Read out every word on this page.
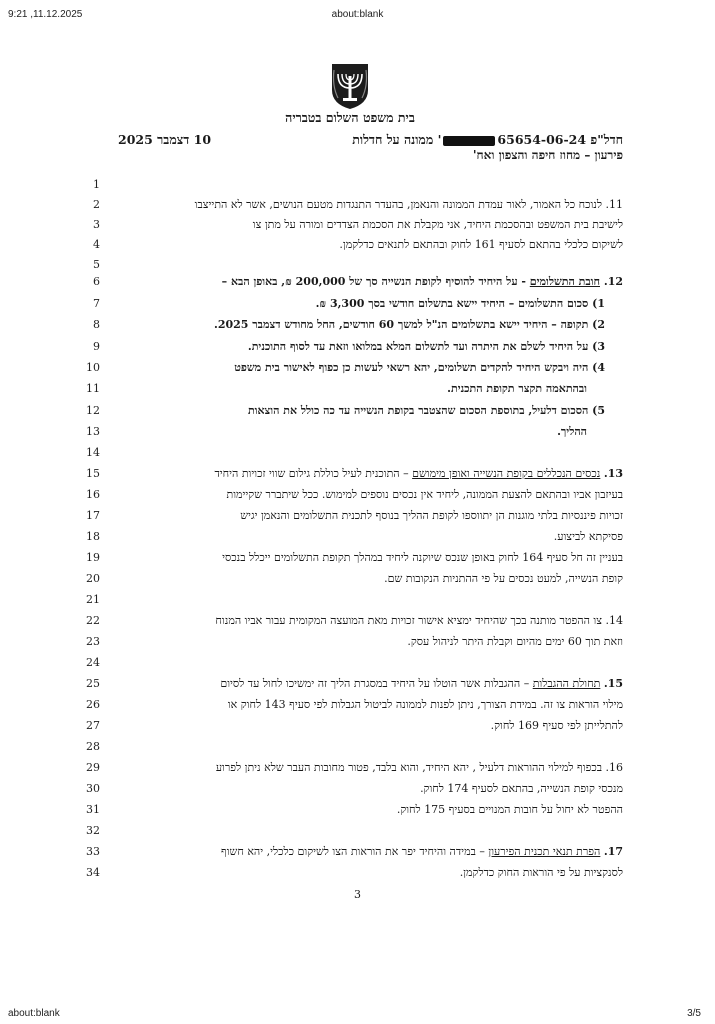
9:21 ,11.12.2025	about:blank
בית משפט השלום בטבריה
10 דצמבר 2025	חדל"פ 65654-06-24' ממונה על חדלות
פירעון – מחוז חיפה והצפון ואח'
1
2
3
4
5
6
7
8
9
10
11
12
13
14
15
16
17
18
19
20
21
22
23
24
25
26
27
28
29
30
31
32
33
34
11. לנוכח כל האמור, לאור עמדת הממונה והנאמן, בהעדר התנגדות מטעם הנושים, אשר לא התייצבו
לישיבת בית המשפט ובהסכמת היחיד, אני מקבלת את הסכמת הצדדים ומורה על מתן צו
לשיקום כלכלי בהתאם לסעיף 161 לחוק ובהתאם לתנאים כדלקמן.
12. חובת התשלומים - על היחיד להוסיף לקופת הנשייה סך של 200,000 ₪, באופן הבא –
1) סכום התשלומים – היחיד יישא בתשלום חודשי בסך 3,300 ₪.
2) תקופה – היחיד יישא בתשלומים הנ"ל למשך 60 חודשים, החל מחודש דצמבר 2025.
3) על היחיד לשלם את היתרה ועד לתשלום המלא במלואו וזאת עד לסוף התוכנית.
4) היה ויבקש היחיד להקדים תשלומים, יהא רשאי לעשות כן כפוף לאישור בית משפט
ובהתאמה תקצר תקופת התכנית.
5) הסכום דלעיל, בתוספת הסכום שהצטבר בקופת הנשייה עד כה כולל את הוצאות
ההליך.
13. נכסים הנכללים בקופת הנשייה ואופן מימושם – התוכנית לעיל כוללת גילום שווי זכויות היחיד
בעיזבון אביו ובהתאם להצעת הממונה, ליחיד אין נכסים נוספים למימוש. ככל שיתברר שקיימות
זכויות פיננסיות בלתי מוגנות הן יתווספו לקופת ההליך בנוסף לתכנית התשלומים והנאמן יגיש
פסיקתא לביצוע.
בעניין זה חל סעיף 164 לחוק באופן שנכס שיוקנה ליחיד במהלך תקופת התשלומים ייכלל בנכסי
קופת הנשייה, למעט נכסים על פי ההתניות הנקובות שם.
14. צו ההפטר מותנה בכך שהיחיד ימציא אישור זכויות מאת המועצה המקומית עבור אביו המנוח
וזאת תוך 60 ימים מהיום וקבלת היתר לניהול עסק.
15. תחולת ההגבלות – ההגבלות אשר הוטלו על היחיד במסגרת הליך זה ימשיכו לחול עד לסיום
מילוי הוראות צו זה. במידת הצורך, ניתן לפנות לממונה לביטול הגבלות לפי סעיף 143 לחוק או
להתלייתן לפי סעיף 169 לחוק.
16. בכפוף למילוי ההוראות דלעיל , יהא היחיד, והוא בלבד, פטור מחובות העבר שלא ניתן לפרוע
מנכסי קופת הנשייה, בהתאם לסעיף 174 לחוק.
ההפטר לא יחול על חובות המנויים בסעיף 175 לחוק.
17. הפרת תנאי תכנית הפירעון – במידה והיחיד יפר את הוראות הצו לשיקום כלכלי, יהא חשוף
לסנקציות על פי הוראות החוק כדלקמן.
3
about:blank	3/5
